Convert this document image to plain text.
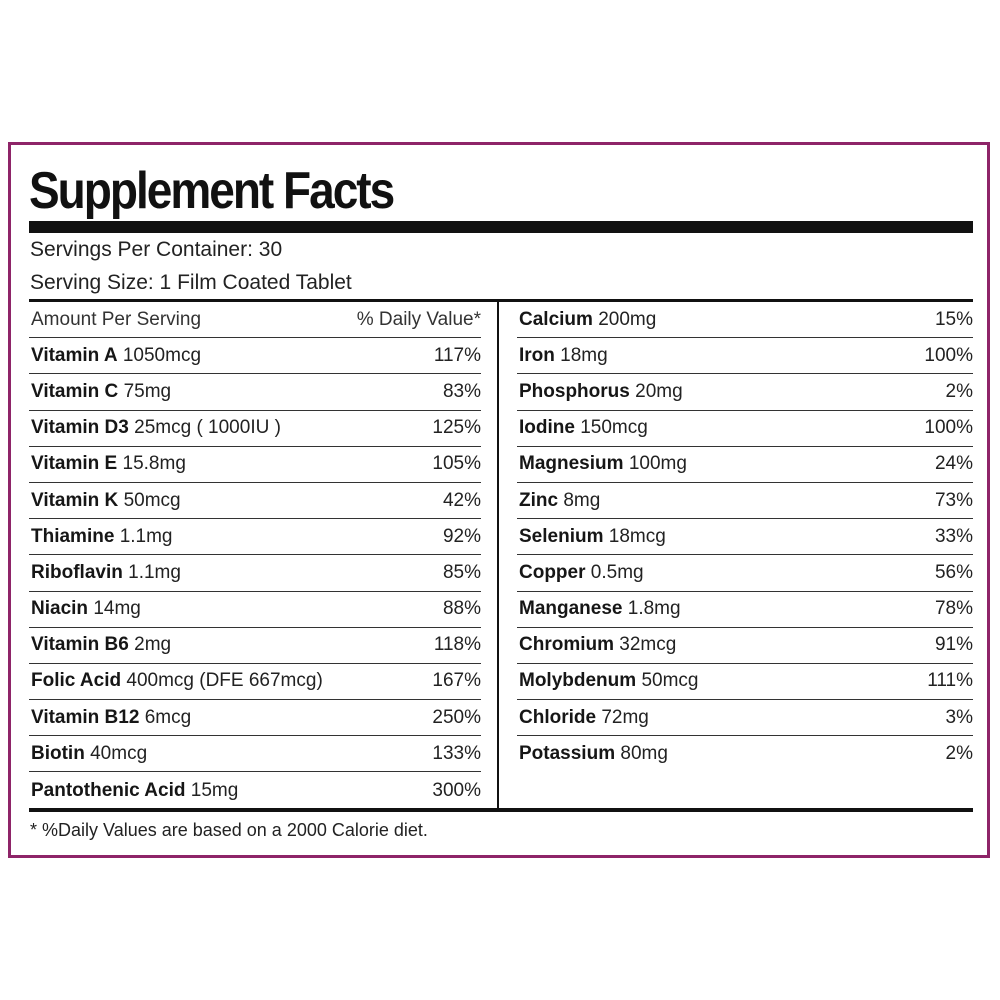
Supplement Facts
Servings Per Container: 30
Serving Size: 1 Film Coated Tablet
Amount Per Serving	% Daily Value*
Vitamin A
1050mcg	117%
Vitamin C
75mg	83%
Vitamin D3
25mcg ( 1000IU )	125%
Vitamin E
15.8mg	105%
Vitamin K
50mcg	42%
Thiamine
1.1mg	92%
Riboflavin
1.1mg	85%
Niacin
14mg	88%
Vitamin B6
2mg	118%
Folic Acid
400mcg (DFE 667mcg)	167%
Vitamin B12
6mcg	250%
Biotin
40mcg	133%
Pantothenic Acid
15mg	300%
Calcium
200mg	15%
Iron
18mg	100%
Phosphorus
20mg	2%
Iodine
150mcg	100%
Magnesium
100mg	24%
Zinc
8mg	73%
Selenium
18mcg	33%
Copper
0.5mg	56%
Manganese
1.8mg	78%
Chromium
32mcg	91%
Molybdenum
50mcg	111%
Chloride
72mg	3%
Potassium
80mg	2%
* %Daily Values are based on a 2000 Calorie diet.
